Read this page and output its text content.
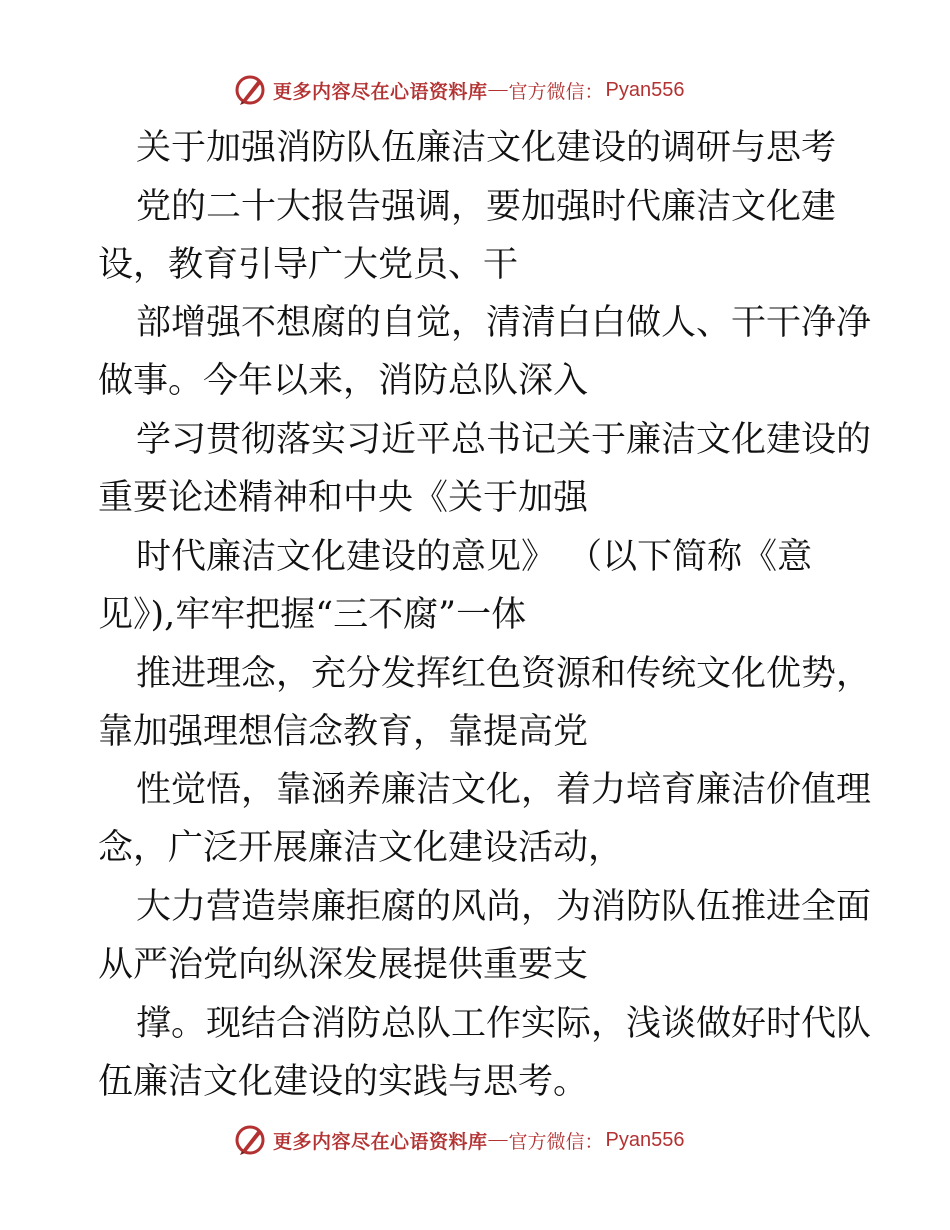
更多内容尽在心语资料库 — 官方微信： Pyan556
关于加强消防队伍廉洁文化建设的调研与思考
党的二十大报告强调，要加强时代廉洁文化建
设，教育引导广大党员、干
部增强不想腐的自觉，清清白白做人、干干净净
做事。今年以来，消防总队深入
学习贯彻落实习近平总书记关于廉洁文化建设的
重要论述精神和中央《关于加强
时代廉洁文化建设的意见》 （以下简称《意
见》),牢牢把握“三不腐”一体
推进理念，充分发挥红色资源和传统文化优势，
靠加强理想信念教育，靠提高党
性觉悟，靠涵养廉洁文化，着力培育廉洁价值理
念，广泛开展廉洁文化建设活动，
大力营造崇廉拒腐的风尚，为消防队伍推进全面
从严治党向纵深发展提供重要支
撑。现结合消防总队工作实际，浅谈做好时代队
伍廉洁文化建设的实践与思考。
更多内容尽在心语资料库 — 官方微信： Pyan556
